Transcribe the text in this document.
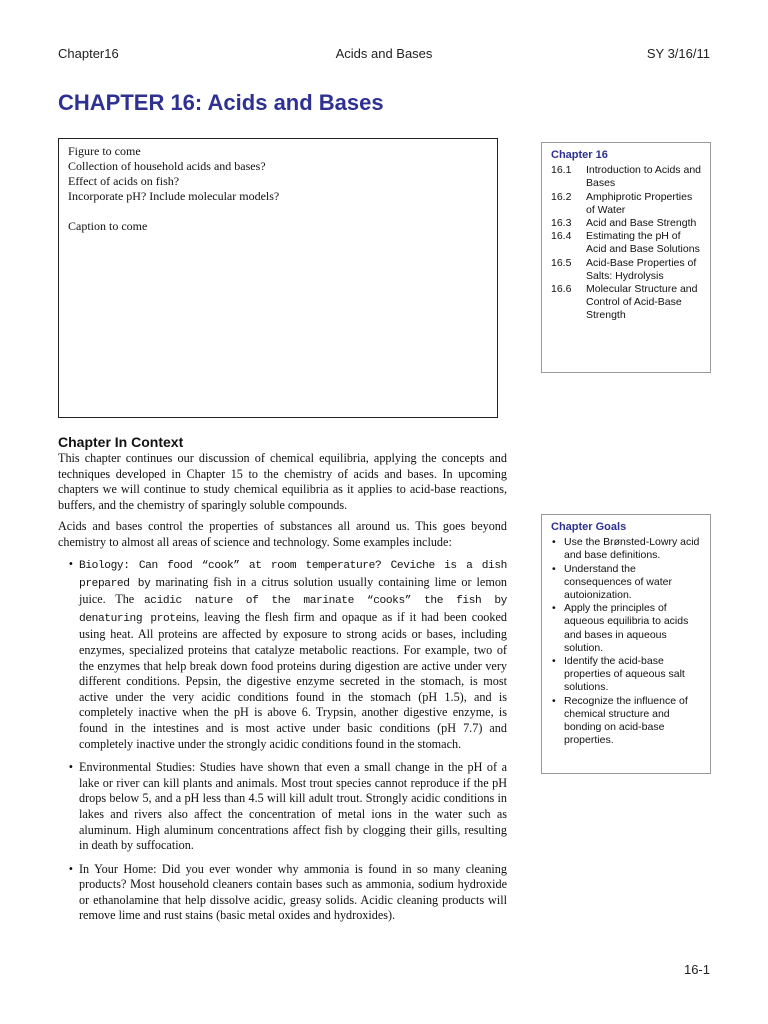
Chapter16	Acids and Bases	SY 3/16/11
CHAPTER 16: Acids and Bases
Figure to come
Collection of household acids and bases?
Effect of acids on fish?
Incorporate pH? Include molecular models?
Caption to come
Chapter 16
16.1	Introduction to Acids and Bases
16.2	Amphiprotic Properties of Water
16.3	Acid and Base Strength
16.4	Estimating the pH of Acid and Base Solutions
16.5	Acid-Base Properties of Salts: Hydrolysis
16.6	Molecular Structure and Control of Acid-Base Strength
Chapter In Context

This chapter continues our discussion of chemical equilibria, applying the concepts and techniques developed in Chapter 15 to the chemistry of acids and bases. In upcoming chapters we will continue to study chemical equilibria as it applies to acid-base reactions, buffers, and the chemistry of sparingly soluble compounds.

Acids and bases control the properties of substances all around us. This goes beyond chemistry to almost all areas of science and technology. Some examples include:

• Biology: Can food “cook” at room temperature? Ceviche is a dish prepared by marinating fish in a citrus solution usually containing lime or lemon juice. The acidic nature of the marinate “cooks” the fish by denaturing proteins, leaving the flesh firm and opaque as if it had been cooked using heat. All proteins are affected by exposure to strong acids or bases, including enzymes, specialized proteins that catalyze metabolic reactions. For example, two of the enzymes that help break down food proteins during digestion are active under very different conditions. Pepsin, the digestive enzyme secreted in the stomach, is most active under the very acidic conditions found in the stomach (pH 1.5), and is completely inactive when the pH is above 6. Trypsin, another digestive enzyme, is found in the intestines and is most active under basic conditions (pH 7.7) and completely inactive under the strongly acidic conditions found in the stomach.
• Environmental Studies: Studies have shown that even a small change in the pH of a lake or river can kill plants and animals. Most trout species cannot reproduce if the pH drops below 5, and a pH less than 4.5 will kill adult trout. Strongly acidic conditions in lakes and rivers also affect the concentration of metal ions in the water such as aluminum. High aluminum concentrations affect fish by clogging their gills, resulting in death by suffocation.
• In Your Home: Did you ever wonder why ammonia is found in so many cleaning products? Most household cleaners contain bases such as ammonia, sodium hydroxide or ethanolamine that help dissolve acidic, greasy solids. Acidic cleaning products will remove lime and rust stains (basic metal oxides and hydroxides).
Chapter Goals
• Use the Brønsted-Lowry acid and base definitions.
• Understand the consequences of water autoionization.
• Apply the principles of aqueous equilibria to acids and bases in aqueous solution.
• Identify the acid-base properties of aqueous salt solutions.
• Recognize the influence of chemical structure and bonding on acid-base properties.
16-1
